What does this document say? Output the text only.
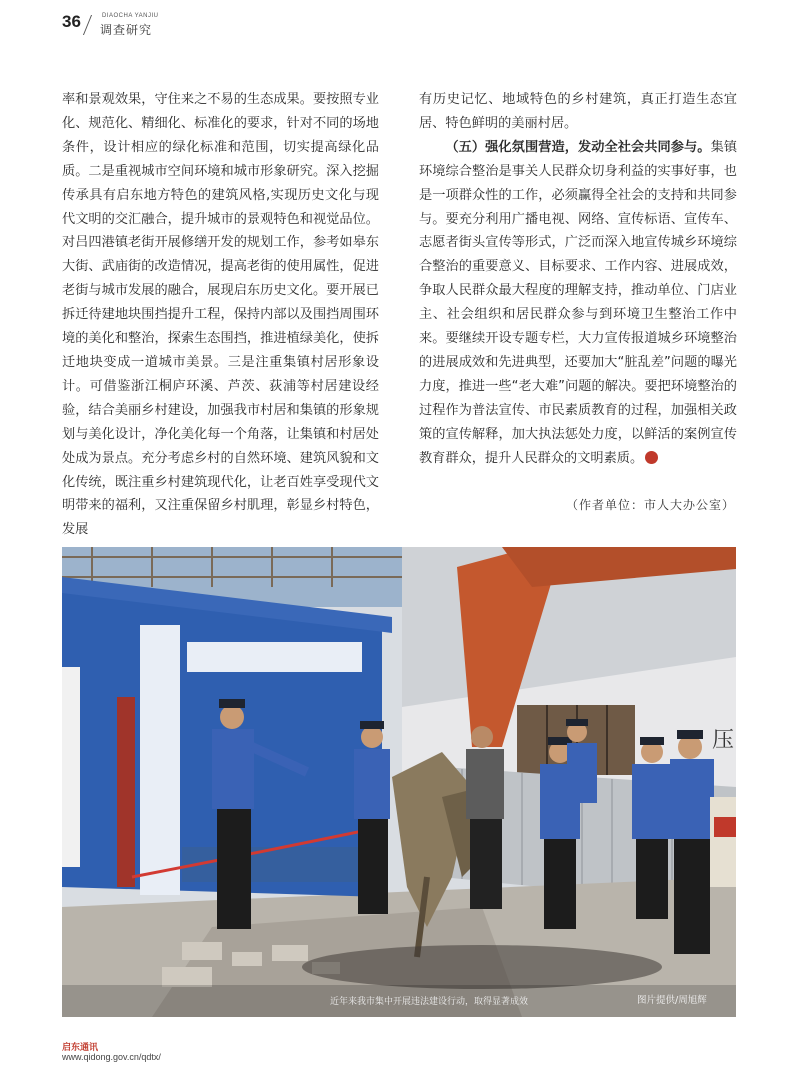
36	DIAOCHA YANJIU
调查研究

率和景观效果，守住来之不易的生态成果。要按照专业化、规范化、精细化、标准化的要求，针对不同的场地条件，设计相应的绿化标准和范围，切实提高绿化品质。二是重视城市空间环境和城市形象研究。深入挖掘传承具有启东地方特色的建筑风格,实现历史文化与现代文明的交汇融合，提升城市的景观特色和视觉品位。对吕四港镇老街开展修缮开发的规划工作，参考如皋东大街、武庙街的改造情况，提高老街的使用属性，促进老街与城市发展的融合，展现启东历史文化。要开展已拆迁待建地块围挡提升工程，保持内部以及围挡周围环境的美化和整治，探索生态围挡，推进植绿美化，使拆迁地块变成一道城市美景。三是注重集镇村居形象设计。可借鉴浙江桐庐环溪、芦茨、荻浦等村居建设经验，结合美丽乡村建设，加强我市村居和集镇的形象规划与美化设计，净化美化每一个角落，让集镇和村居处处成为景点。充分考虑乡村的自然环境、建筑风貌和文化传统，既注重乡村建筑现代化，让老百姓享受现代文明带来的福利，又注重保留乡村肌理，彰显乡村特色，发展

有历史记忆、地域特色的乡村建筑，真正打造生态宜居、特色鲜明的美丽村居。

（五）强化氛围营造，发动全社会共同参与。集镇环境综合整治是事关人民群众切身利益的实事好事，也是一项群众性的工作，必须赢得全社会的支持和共同参与。要充分利用广播电视、网络、宣传标语、宣传车、志愿者街头宣传等形式，广泛而深入地宣传城乡环境综合整治的重要意义、目标要求、工作内容、进展成效，争取人民群众最大程度的理解支持，推动单位、门店业主、社会组织和居民群众参与到环境卫生整治工作中来。要继续开设专题专栏，大力宣传报道城乡环境整治的进展成效和先进典型，还要加大“脏乱差”问题的曝光力度，推进一些“老大难”问题的解决。要把环境整治的过程作为普法宣传、市民素质教育的过程，加强相关政策的宣传解释，加大执法惩处力度，以鲜活的案例宣传教育群众，提升人民群众的文明素质。	❀

（作者单位：市人大办公室）
压
近年来我市集中开展违法建设行动，取得显著成效	图片提供/周旭辉
启东通讯
www.qidong.gov.cn/qdtx/
